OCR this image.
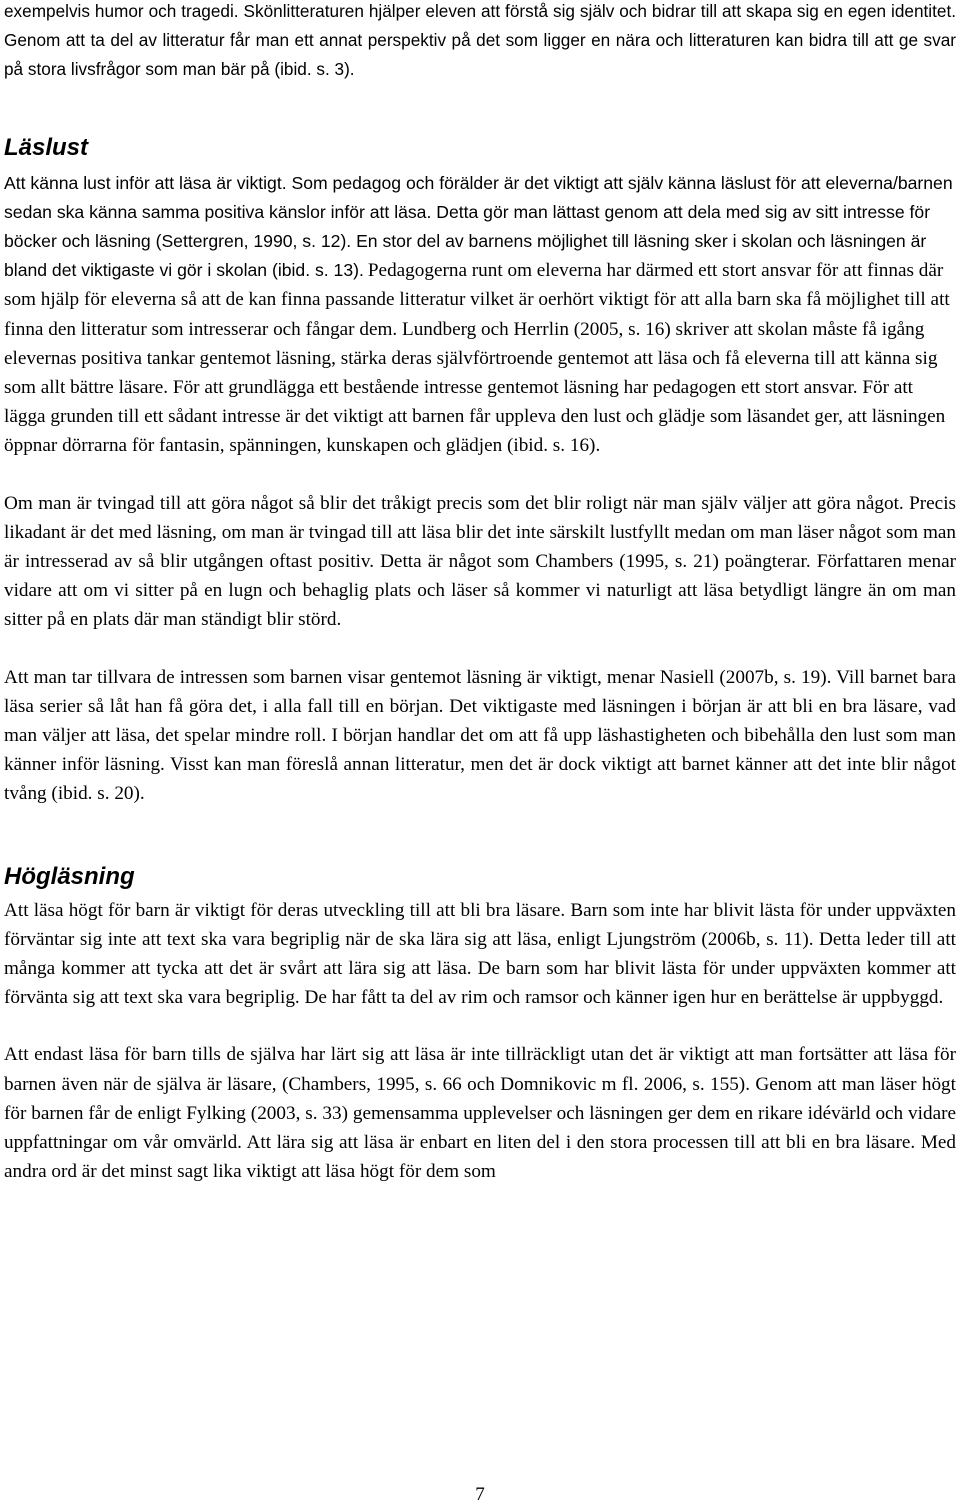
exempelvis humor och tragedi. Skönlitteraturen hjälper eleven att förstå sig själv och bidrar till att skapa sig en egen identitet. Genom att ta del av litteratur får man ett annat perspektiv på det som ligger en nära och litteraturen kan bidra till att ge svar på stora livsfrågor som man bär på (ibid. s. 3).

Läslust

Att känna lust inför att läsa är viktigt. Som pedagog och förälder är det viktigt att själv känna läslust för att eleverna/barnen sedan ska känna samma positiva känslor inför att läsa. Detta gör man lättast genom att dela med sig av sitt intresse för böcker och läsning (Settergren, 1990, s. 12). En stor del av barnens möjlighet till läsning sker i skolan och läsningen är bland det viktigaste vi gör i skolan (ibid. s. 13). Pedagogerna runt om eleverna har därmed ett stort ansvar för att finnas där som hjälp för eleverna så att de kan finna passande litteratur vilket är oerhört viktigt för att alla barn ska få möjlighet till att finna den litteratur som intresserar och fångar dem. Lundberg och Herrlin (2005, s. 16) skriver att skolan måste få igång elevernas positiva tankar gentemot läsning, stärka deras självförtroende gentemot att läsa och få eleverna till att känna sig som allt bättre läsare. För att grundlägga ett bestående intresse gentemot läsning har pedagogen ett stort ansvar. För att lägga grunden till ett sådant intresse är det viktigt att barnen får uppleva den lust och glädje som läsandet ger, att läsningen öppnar dörrarna för fantasin, spänningen, kunskapen och glädjen (ibid. s. 16).

Om man är tvingad till att göra något så blir det tråkigt precis som det blir roligt när man själv väljer att göra något. Precis likadant är det med läsning, om man är tvingad till att läsa blir det inte särskilt lustfyllt medan om man läser något som man är intresserad av så blir utgången oftast positiv. Detta är något som Chambers (1995, s. 21) poängterar. Författaren menar vidare att om vi sitter på en lugn och behaglig plats och läser så kommer vi naturligt att läsa betydligt längre än om man sitter på en plats där man ständigt blir störd.

Att man tar tillvara de intressen som barnen visar gentemot läsning är viktigt, menar Nasiell (2007b, s. 19). Vill barnet bara läsa serier så låt han få göra det, i alla fall till en början. Det viktigaste med läsningen i början är att bli en bra läsare, vad man väljer att läsa, det spelar mindre roll. I början handlar det om att få upp läshastigheten och bibehålla den lust som man känner inför läsning. Visst kan man föreslå annan litteratur, men det är dock viktigt att barnet känner att det inte blir något tvång (ibid. s. 20).

Högläsning

Att läsa högt för barn är viktigt för deras utveckling till att bli bra läsare. Barn som inte har blivit lästa för under uppväxten förväntar sig inte att text ska vara begriplig när de ska lära sig att läsa, enligt Ljungström (2006b, s. 11). Detta leder till att många kommer att tycka att det är svårt att lära sig att läsa. De barn som har blivit lästa för under uppväxten kommer att förvänta sig att text ska vara begriplig. De har fått ta del av rim och ramsor och känner igen hur en berättelse är uppbyggd.

Att endast läsa för barn tills de själva har lärt sig att läsa är inte tillräckligt utan det är viktigt att man fortsätter att läsa för barnen även när de själva är läsare, (Chambers, 1995, s. 66 och Domnikovic m fl. 2006, s. 155). Genom att man läser högt för barnen får de enligt Fylking (2003, s. 33) gemensamma upplevelser och läsningen ger dem en rikare idévärld och vidare uppfattningar om vår omvärld. Att lära sig att läsa är enbart en liten del i den stora processen till att bli en bra läsare. Med andra ord är det minst sagt lika viktigt att läsa högt för dem som

7
